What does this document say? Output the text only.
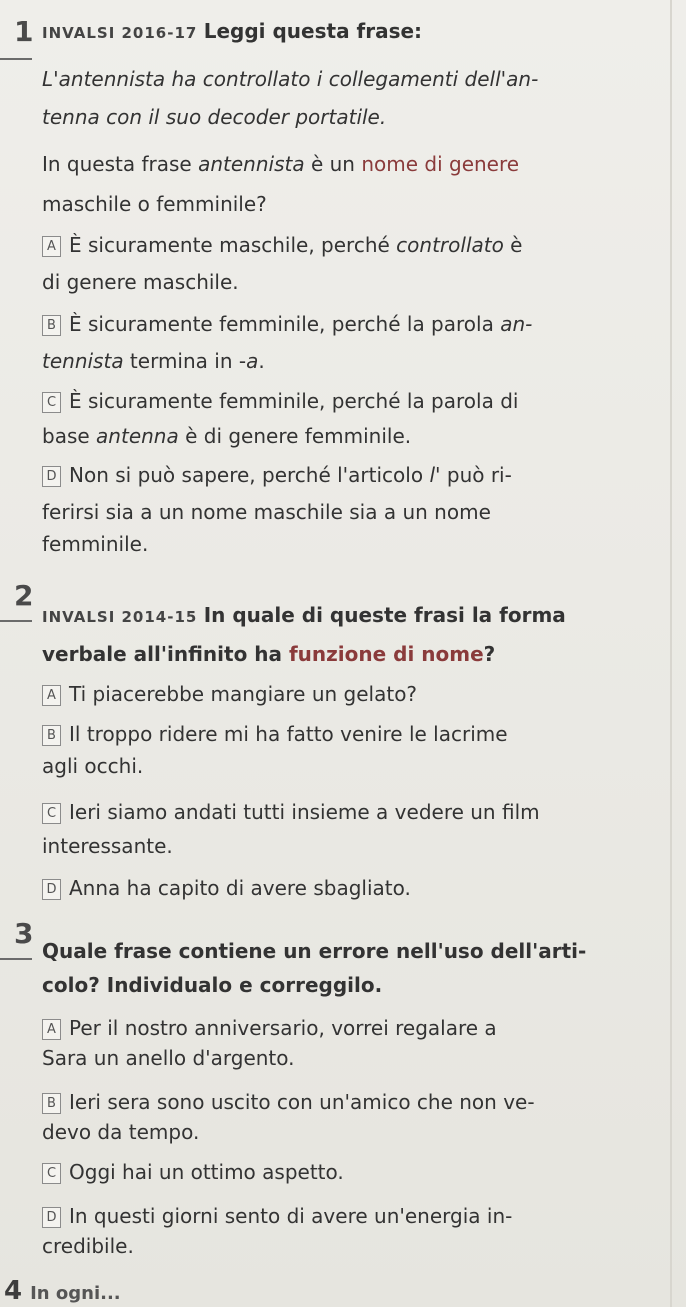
1 INVALSI 2016-17 Leggi questa frase:
L'antennista ha controllato i collegamenti dell'an-
tenna con il suo decoder portatile.
In questa frase antennista è un nome di genere
maschile o femminile?
A È sicuramente maschile, perché controllato è
di genere maschile.
B È sicuramente femminile, perché la parola an-
tennista termina in -a.
C È sicuramente femminile, perché la parola di
base antenna è di genere femminile.
D Non si può sapere, perché l'articolo l' può ri-
ferirsi sia a un nome maschile sia a un nome
femminile.
2
INVALSI 2014-15 In quale di queste frasi la forma
verbale all'infinito ha funzione di nome?
A Ti piacerebbe mangiare un gelato?
B Il troppo ridere mi ha fatto venire le lacrime
agli occhi.
C Ieri siamo andati tutti insieme a vedere un film
interessante.
D Anna ha capito di avere sbagliato.
3
Quale frase contiene un errore nell'uso dell'arti-
colo? Individualo e correggilo.
A Per il nostro anniversario, vorrei regalare a
Sara un anello d'argento.
B Ieri sera sono uscito con un'amico che non ve-
devo da tempo.
C Oggi hai un ottimo aspetto.
D In questi giorni sento di avere un'energia in-
credibile.
4 In ogni...
